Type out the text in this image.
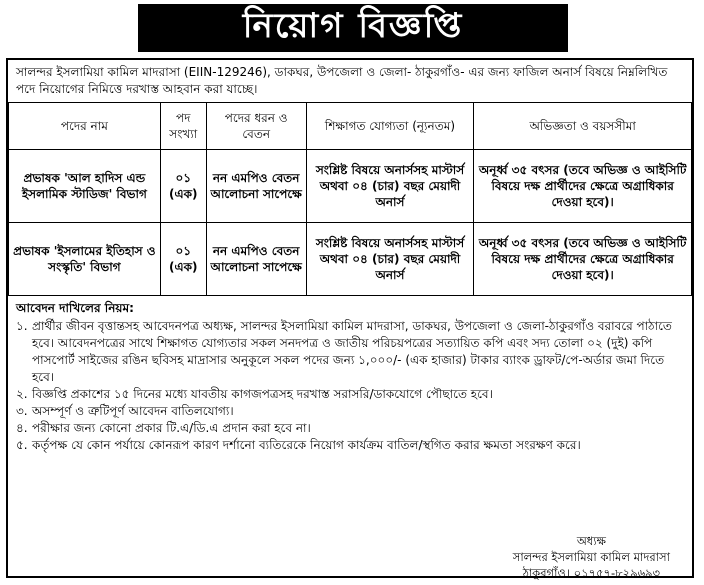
নিয়োগ বিজ্ঞপ্তি
সালন্দর ইসলামিয়া কামিল মাদরাসা (EIIN-129246), ডাকঘর, উপজেলা ও জেলা- ঠাকুরগাঁও- এর জন্য ফাজিল অনার্স বিষয়ে নিম্নলিখিত পদে নিয়োগের নিমিত্তে দরখাস্ত আহবান করা যাচ্ছে।
পদের নাম	পদ সংখ্যা	পদের ধরন ও বেতন	শিক্ষাগত যোগ্যতা (ন্যূনতম)	অভিজ্ঞতা ও বয়সসীমা
প্রভাষক 'আল হাদিস এন্ড ইসলামিক স্টাডিজ' বিভাগ	০১ (এক)	নন এমপিও বেতন আলোচনা সাপেক্ষে	সংশ্লিষ্ট বিষয়ে অনার্সসহ মাস্টার্স অথবা ০৪ (চার) বছর মেয়াদী অনার্স	অনূর্ধ্ব ৩৫ বৎসর (তবে অভিজ্ঞ ও আইসিটি বিষয়ে দক্ষ প্রার্থীদের ক্ষেত্রে অগ্রাধিকার দেওয়া হবে)।
প্রভাষক 'ইসলামের ইতিহাস ও সংস্কৃতি' বিভাগ	০১ (এক)	নন এমপিও বেতন আলোচনা সাপেক্ষে	সংশ্লিষ্ট বিষয়ে অনার্সসহ মাস্টার্স অথবা ০৪ (চার) বছর মেয়াদী অনার্স	অনূর্ধ্ব ৩৫ বৎসর (তবে অভিজ্ঞ ও আইসিটি বিষয়ে দক্ষ প্রার্থীদের ক্ষেত্রে অগ্রাধিকার দেওয়া হবে)।
আবেদন দাখিলের নিয়ম:
১. প্রার্থীর জীবন বৃত্তান্তসহ আবেদনপত্র অধ্যক্ষ, সালন্দর ইসলামিয়া কামিল মাদরাসা, ডাকঘর, উপজেলা ও জেলা-ঠাকুরগাঁও বরাবরে পাঠাতে হবে। আবেদনপত্রের সাথে শিক্ষাগত যোগ্যতার সকল সনদপত্র ও জাতীয় পরিচয়পত্রের সত্যায়িত কপি এবং সদ্য তোলা ০২ (দুই) কপি পাসপোর্ট সাইজের রঙিন ছবিসহ মাদ্রাসার অনুকূলে সকল পদের জন্য ১,০০০/- (এক হাজার) টাকার ব্যাংক ড্রাফট/পে-অর্ডার জমা দিতে হবে।
২. বিজ্ঞপ্তি প্রকাশের ১৫ দিনের মধ্যে যাবতীয় কাগজপত্রসহ দরখাস্ত সরাসরি/ডাকযোগে পৌছাতে হবে।
৩. অসম্পূর্ণ ও ত্রুটিপূর্ণ আবেদন বাতিলযোগ্য।
৪. পরীক্ষার জন্য কোনো প্রকার টি.এ/ডি.এ প্রদান করা হবে না।
৫. কর্তৃপক্ষ যে কোন পর্যায়ে কোনরূপ কারণ দর্শানো ব্যতিরেকে নিয়োগ কার্যক্রম বাতিল/স্থগিত করার ক্ষমতা সংরক্ষণ করে।
অধ্যক্ষ
সালন্দর ইসলামিয়া কামিল মাদরাসা
ঠাকুরগাঁও। ০১৭৫৭-৮২৯৬৯৩
